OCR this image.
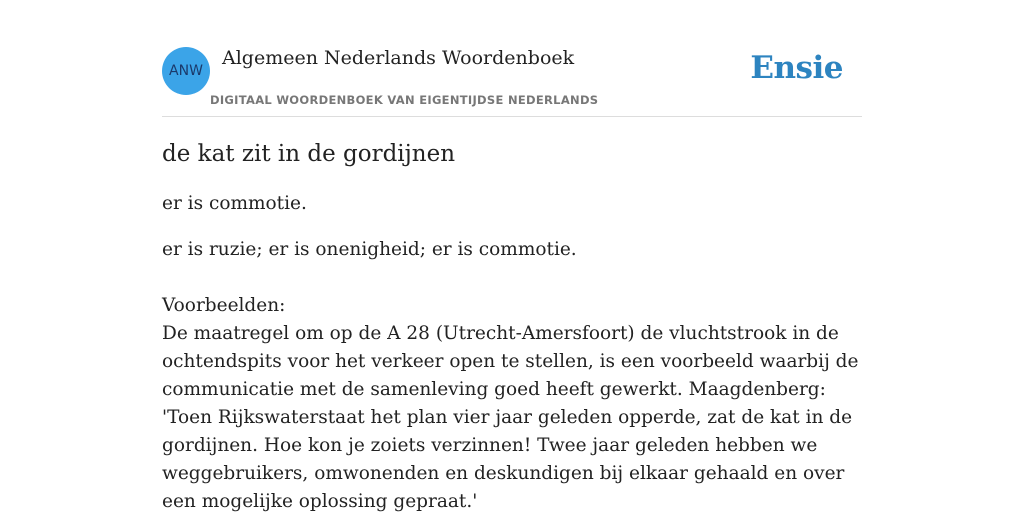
ANW
Algemeen Nederlands Woordenboek
DIGITAAL WOORDENBOEK VAN EIGENTIJDSE NEDERLANDS
Ensie
de kat zit in de gordijnen

er is commotie.

er is ruzie; er is onenigheid; er is commotie.

Voorbeelden:

De maatregel om op de A 28 (Utrecht-Amersfoort) de vluchtstrook in de ochtendspits voor het verkeer open te stellen, is een voorbeeld waarbij de communicatie met de samenleving goed heeft gewerkt. Maagdenberg: 'Toen Rijkswaterstaat het plan vier jaar geleden opperde, zat de kat in de gordijnen. Hoe kon je zoiets verzinnen! Twee jaar geleden hebben we weggebruikers, omwonenden en deskundigen bij elkaar gehaald en over een mogelijke oplossing gepraat.'
